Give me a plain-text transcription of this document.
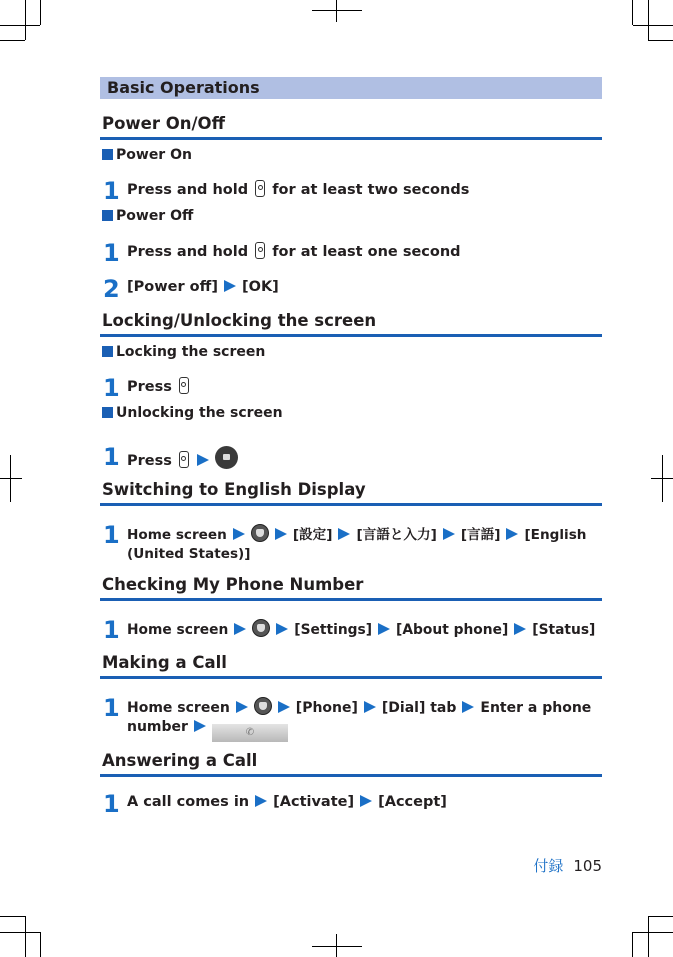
Basic Operations
Power On/Off
Power On
1 Press and hold for at least two seconds
Power Off
1 Press and hold for at least one second
2 [Power off] [OK]
Locking/Unlocking the screen
Locking the screen
1 Press
Unlocking the screen
1 Press
Switching to English Display
1 Home screen	[設定] [言語と入力] [言語] [English
(United States)]
Checking My Phone Number
1 Home screen	[Settings] [About phone] [Status]
Making a Call
1 Home screen	[Phone] [Dial] tab Enter a phone
number	✆
Answering a Call
1 A call comes in [Activate] [Accept]
付録 105
